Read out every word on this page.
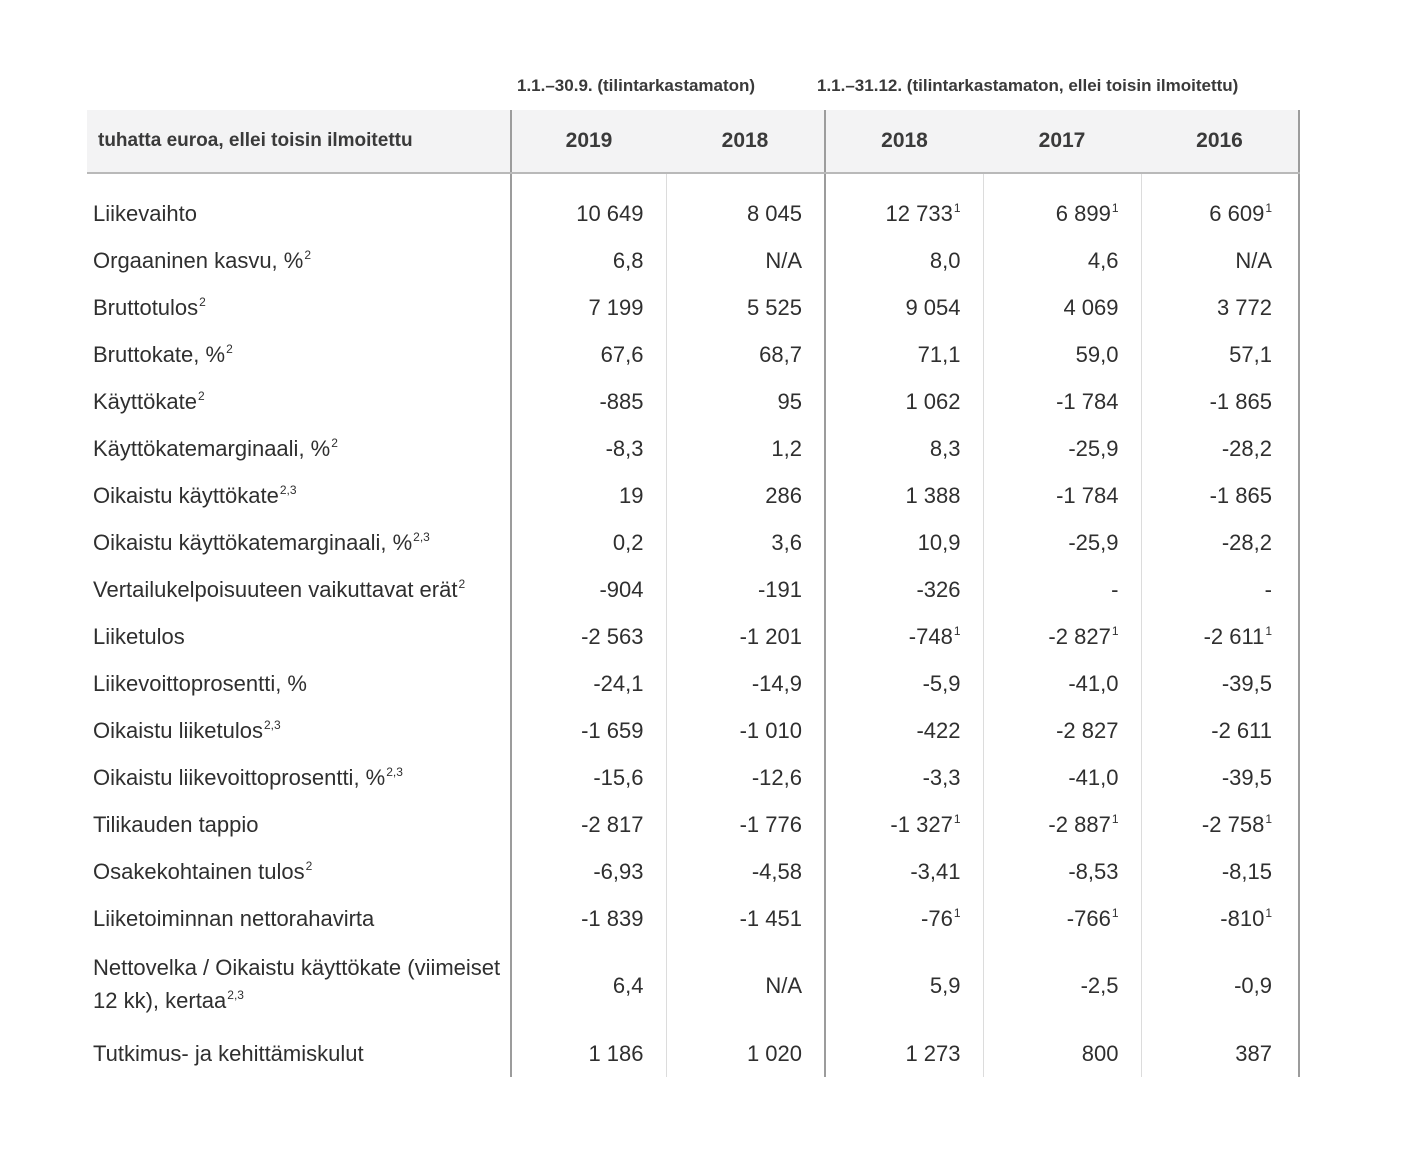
1.1.–30.9. (tilintarkastamaton)	1.1.–31.12. (tilintarkastamaton, ellei toisin ilmoitettu)
tuhatta euroa, ellei toisin ilmoitettu	2019	2018	2018	2017	2016
Liikevaihto	10 649	8 045	12 $733^1$	6 $899^1$	6 $609^1$
Orgaaninen kasvu, %$^2$	6,8	N/A	8,0	4,6	N/A
Bruttotulos$^2$	7 199	5 525	9 054	4 069	3 772
Bruttokate, %$^2$	67,6	68,7	71,1	59,0	57,1
Käyttökate$^2$	-885	95	1 062	-1 784	-1 865
Käyttökatemarginaali, %$^2$	-8,3	1,2	8,3	-25,9	-28,2
Oikaistu käyttökate$^{2,3}$	19	286	1 388	-1 784	-1 865
Oikaistu käyttökatemarginaali, %$^{2,3}$	0,2	3,6	10,9	-25,9	-28,2
Vertailukelpoisuuteen vaikuttavat erät$^2$	-904	-191	-326	-	-
Liiketulos	-2 563	-1 201	$-748^1$	-2 $827^1$	-2 $611^1$
Liikevoittoprosentti, %	-24,1	-14,9	-5,9	-41,0	-39,5
Oikaistu liiketulos$^{2,3}$	-1 659	-1 010	-422	-2 827	-2 611
Oikaistu liikevoittoprosentti, %$^{2,3}$	-15,6	-12,6	-3,3	-41,0	-39,5
Tilikauden tappio	-2 817	-1 776	-1 $327^1$	-2 $887^1$	-2 $758^1$
Osakekohtainen tulos$^2$	-6,93	-4,58	-3,41	-8,53	-8,15
Liiketoiminnan nettorahavirta	-1 839	-1 451	$-76^1$	$-766^1$	$-810^1$
Nettovelka / Oikaistu käyttökate (viimeiset 12 kk), kertaa$^{2,3}$	6,4	N/A	5,9	-2,5	-0,9
Tutkimus- ja kehittämiskulut	1 186	1 020	1 273	800	387
